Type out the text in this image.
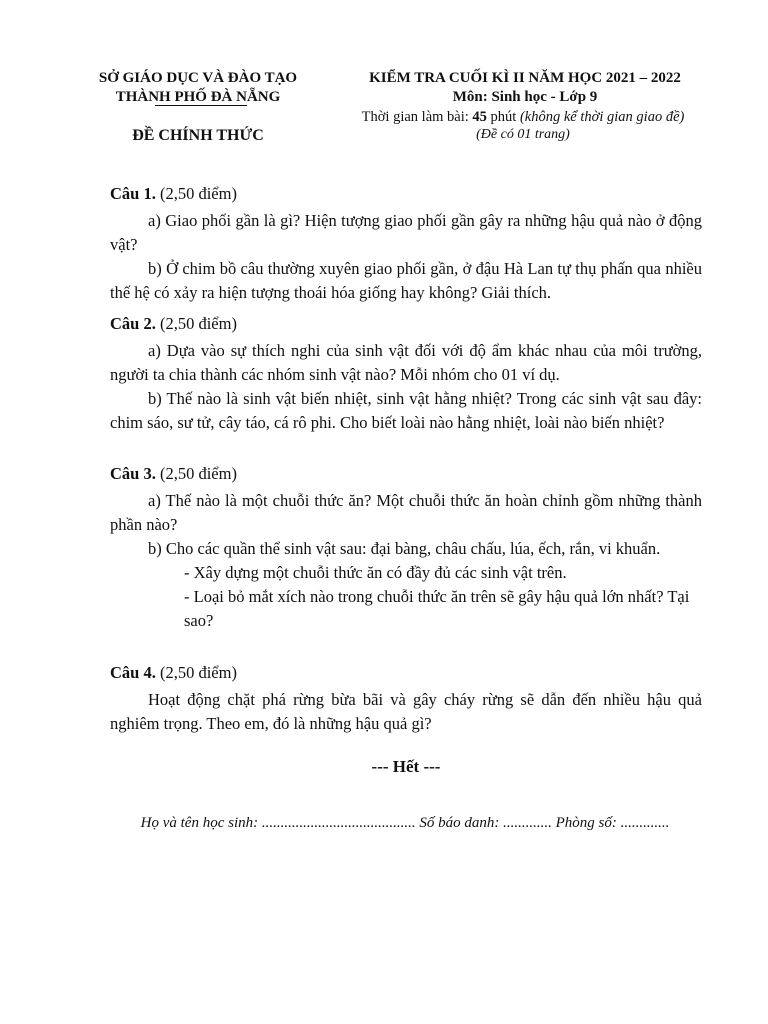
SỞ GIÁO DỤC VÀ ĐÀO TẠO
THÀNH PHỐ ĐÀ NẴNG
ĐỀ CHÍNH THỨC
KIỂM TRA CUỐI KÌ II NĂM HỌC 2021 – 2022
Môn: Sinh học - Lớp 9
Thời gian làm bài: 45 phút (không kể thời gian giao đề)
(Đề có 01 trang)

Câu 1. (2,50 điểm)

a) Giao phối gần là gì? Hiện tượng giao phối gần gây ra những hậu quả nào ở động vật?

b) Ở chim bồ câu thường xuyên giao phối gần, ở đậu Hà Lan tự thụ phấn qua nhiều thế hệ có xảy ra hiện tượng thoái hóa giống hay không? Giải thích.

Câu 2. (2,50 điểm)

a) Dựa vào sự thích nghi của sinh vật đối với độ ẩm khác nhau của môi trường, người ta chia thành các nhóm sinh vật nào? Mỗi nhóm cho 01 ví dụ.

b) Thế nào là sinh vật biến nhiệt, sinh vật hằng nhiệt? Trong các sinh vật sau đây: chim sáo, sư tử, cây táo, cá rô phi. Cho biết loài nào hằng nhiệt, loài nào biến nhiệt?

Câu 3. (2,50 điểm)

a) Thế nào là một chuỗi thức ăn? Một chuỗi thức ăn hoàn chỉnh gồm những thành phần nào?

b) Cho các quần thể sinh vật sau: đại bàng, châu chấu, lúa, ếch, rắn, vi khuẩn.

- Xây dựng một chuỗi thức ăn có đầy đủ các sinh vật trên.

- Loại bỏ mắt xích nào trong chuỗi thức ăn trên sẽ gây hậu quả lớn nhất? Tại sao?

Câu 4. (2,50 điểm)

Hoạt động chặt phá rừng bừa bãi và gây cháy rừng sẽ dẫn đến nhiều hậu quả nghiêm trọng. Theo em, đó là những hậu quả gì?

--- Hết ---
Họ và tên học sinh: ......................................... Số báo danh: ............. Phòng số: .............
